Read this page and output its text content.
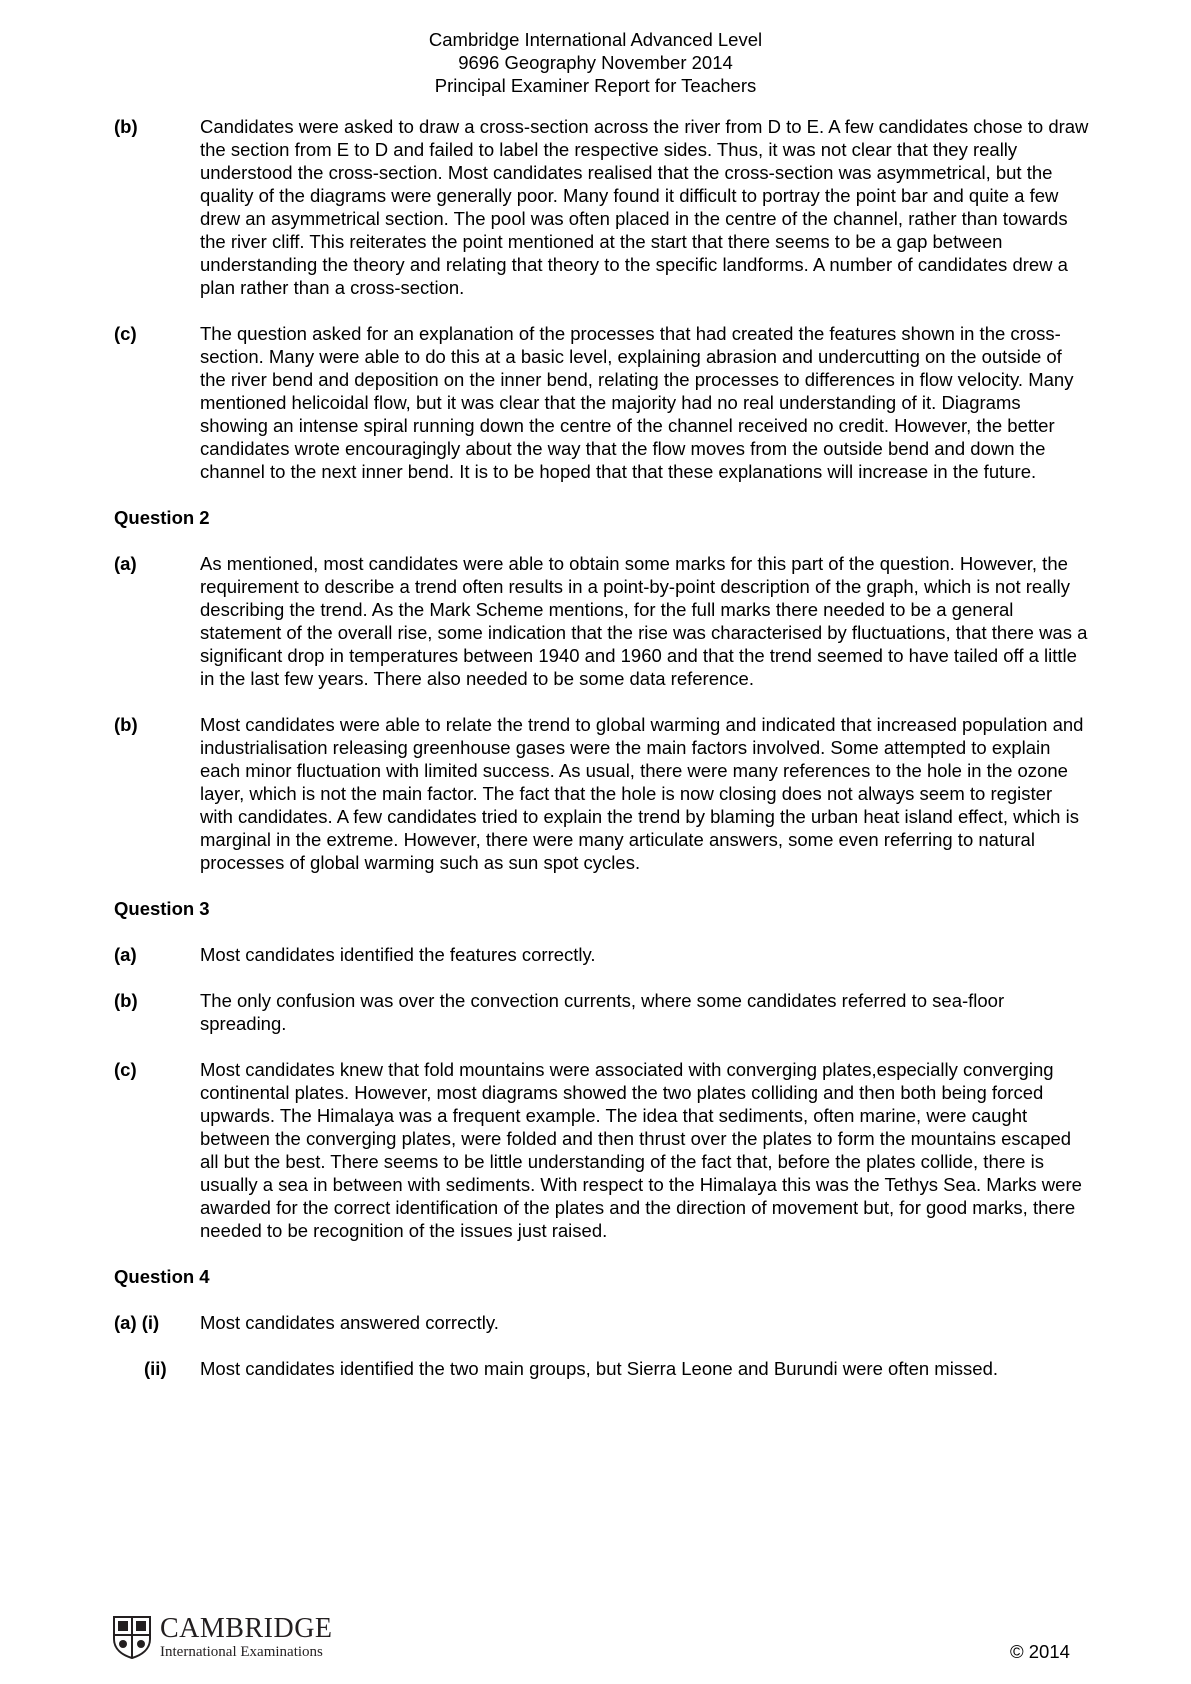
Cambridge International Advanced Level
9696 Geography November 2014
Principal Examiner Report for Teachers
(b)	Candidates were asked to draw a cross-section across the river from D to E. A few candidates chose to draw the section from E to D and failed to label the respective sides. Thus, it was not clear that they really understood the cross-section. Most candidates realised that the cross-section was asymmetrical, but the quality of the diagrams were generally poor. Many found it difficult to portray the point bar and quite a few drew an asymmetrical section. The pool was often placed in the centre of the channel, rather than towards the river cliff. This reiterates the point mentioned at the start that there seems to be a gap between understanding the theory and relating that theory to the specific landforms. A number of candidates drew a plan rather than a cross-section.
(c)	The question asked for an explanation of the processes that had created the features shown in the cross-section. Many were able to do this at a basic level, explaining abrasion and undercutting on the outside of the river bend and deposition on the inner bend, relating the processes to differences in flow velocity. Many mentioned helicoidal flow, but it was clear that the majority had no real understanding of it. Diagrams showing an intense spiral running down the centre of the channel received no credit. However, the better candidates wrote encouragingly about the way that the flow moves from the outside bend and down the channel to the next inner bend. It is to be hoped that that these explanations will increase in the future.
Question 2
(a)	As mentioned, most candidates were able to obtain some marks for this part of the question. However, the requirement to describe a trend often results in a point-by-point description of the graph, which is not really describing the trend. As the Mark Scheme mentions, for the full marks there needed to be a general statement of the overall rise, some indication that the rise was characterised by fluctuations, that there was a significant drop in temperatures between 1940 and 1960 and that the trend seemed to have tailed off a little in the last few years. There also needed to be some data reference.
(b)	Most candidates were able to relate the trend to global warming and indicated that increased population and industrialisation releasing greenhouse gases were the main factors involved. Some attempted to explain each minor fluctuation with limited success. As usual, there were many references to the hole in the ozone layer, which is not the main factor. The fact that the hole is now closing does not always seem to register with candidates. A few candidates tried to explain the trend by blaming the urban heat island effect, which is marginal in the extreme. However, there were many articulate answers, some even referring to natural processes of global warming such as sun spot cycles.
Question 3
(a)	Most candidates identified the features correctly.
(b)	The only confusion was over the convection currents, where some candidates referred to sea-floor spreading.
(c)	Most candidates knew that fold mountains were associated with converging plates,especially converging continental plates. However, most diagrams showed the two plates colliding and then both being forced upwards. The Himalaya was a frequent example. The idea that sediments, often marine, were caught between the converging plates, were folded and then thrust over the plates to form the mountains escaped all but the best. There seems to be little understanding of the fact that, before the plates collide, there is usually a sea in between with sediments. With respect to the Himalaya this was the Tethys Sea. Marks were awarded for the correct identification of the plates and the direction of movement but, for good marks, there needed to be recognition of the issues just raised.
Question 4
(a) (i) Most candidates answered correctly.
(ii) Most candidates identified the two main groups, but Sierra Leone and Burundi were often missed.
CAMBRIDGE
International Examinations	© 2014
